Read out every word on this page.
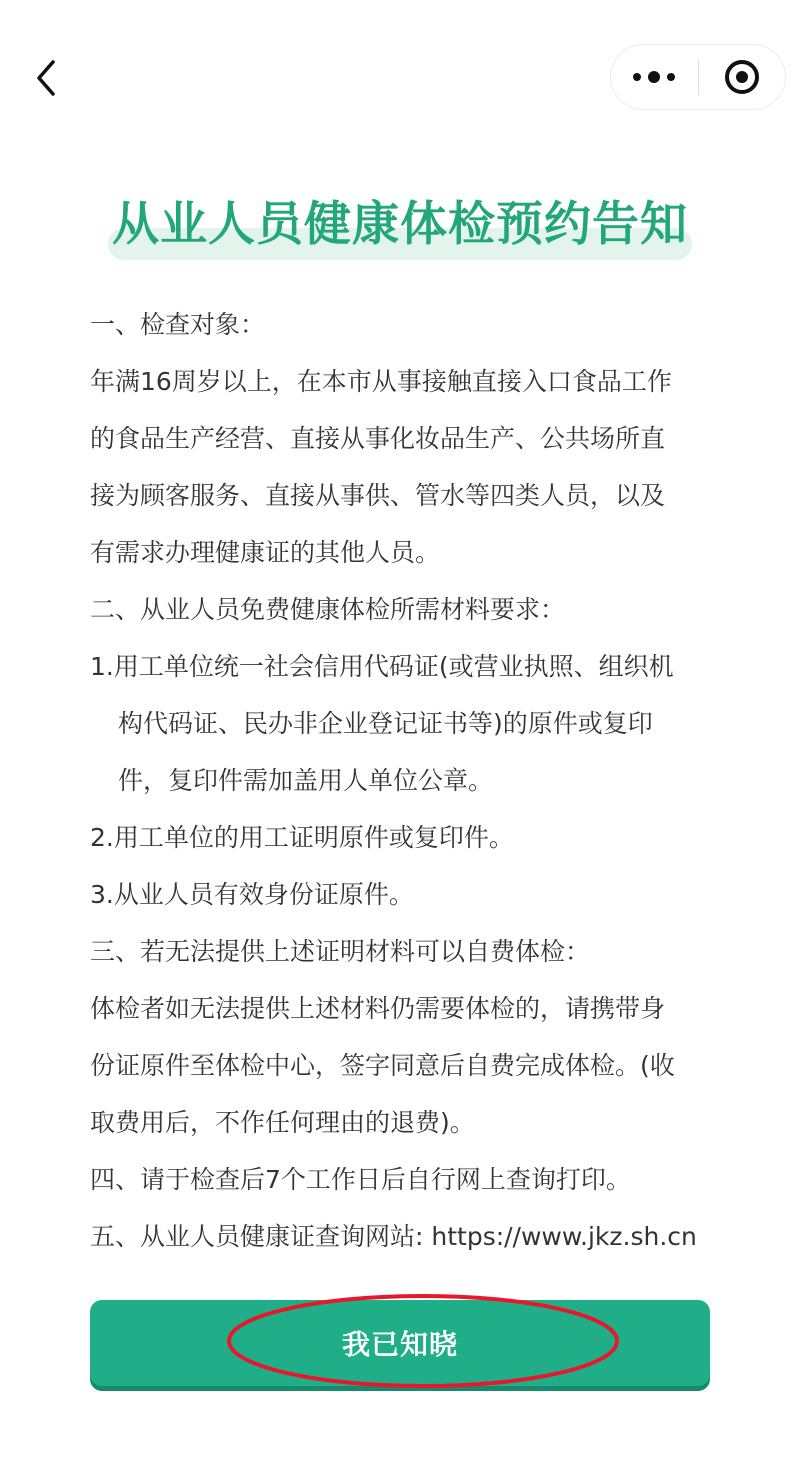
从业人员健康体检预约告知
一、检查对象：
年满16周岁以上，在本市从事接触直接入口食品工作
的食品生产经营、直接从事化妆品生产、公共场所直
接为顾客服务、直接从事供、管水等四类人员，以及
有需求办理健康证的其他人员。
二、从业人员免费健康体检所需材料要求：
1.用工单位统一社会信用代码证(或营业执照、组织机
构代码证、民办非企业登记证书等)的原件或复印
件，复印件需加盖用人单位公章。
2.用工单位的用工证明原件或复印件。
3.从业人员有效身份证原件。
三、若无法提供上述证明材料可以自费体检：
体检者如无法提供上述材料仍需要体检的，请携带身
份证原件至体检中心，签字同意后自费完成体检。(收
取费用后，不作任何理由的退费)。
四、请于检查后7个工作日后自行网上查询打印。
五、从业人员健康证查询网站: https://www.jkz.sh.cn
我已知晓
